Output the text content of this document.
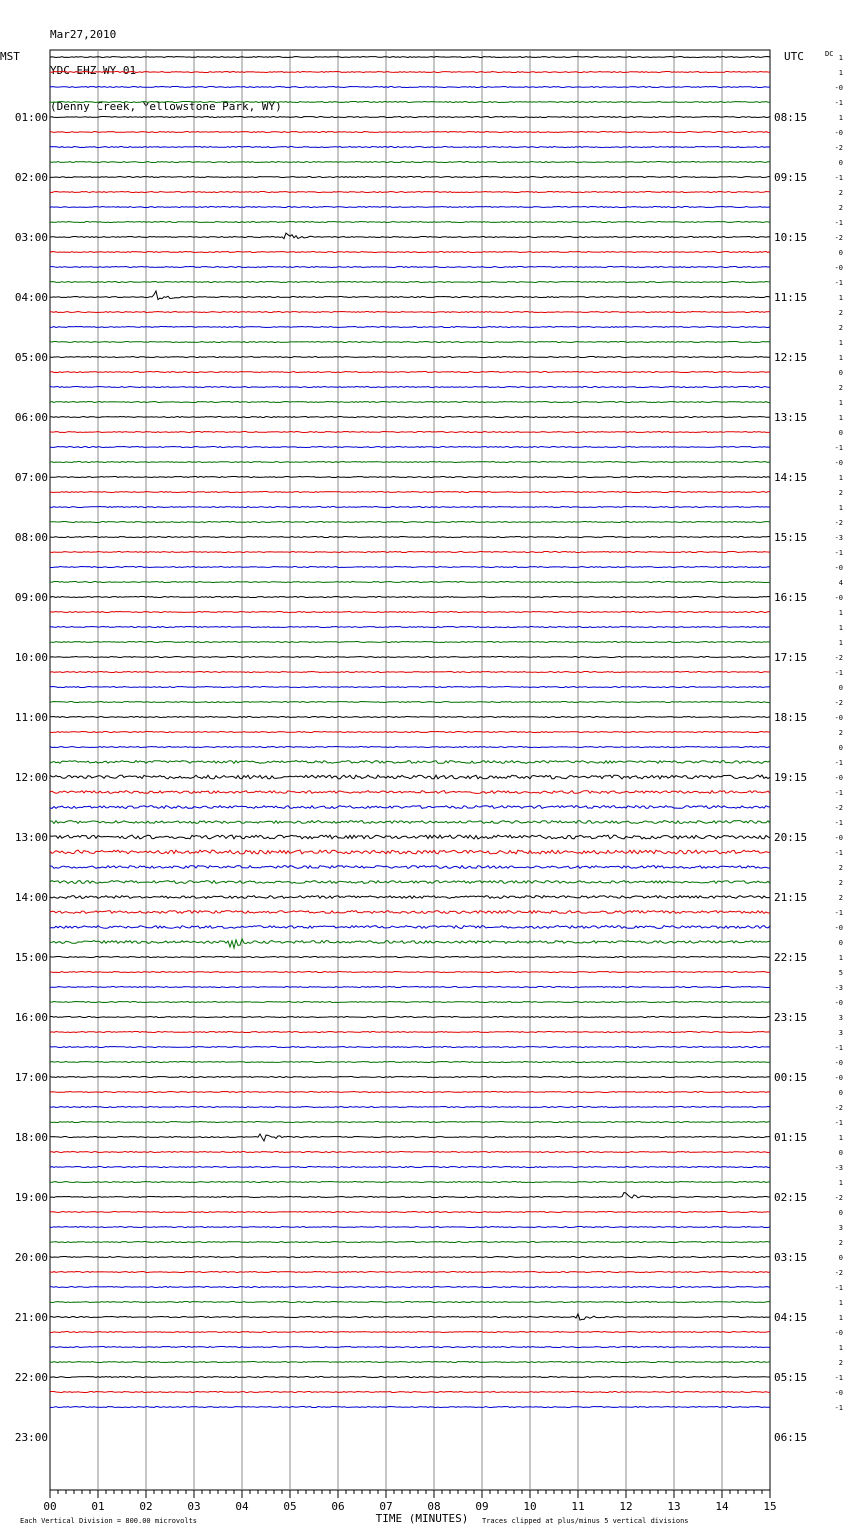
Mar27,2010

YDC EHZ WY 01

(Denny Creek, Yellowstone Park, WY)

1
1
-0
-1
1
-0
-2
0
-1
2
2
-1
-2
0
-0
-1
1
2
2
1
1
0
2
1
1
0
-1
-0
1
2
1
-2
-3
-1
-0
4
-0
1
1
1
-2
-1
0
-2
-0
2
0
-1
-0
-1
-2
-1
-0
-1
2
2
2
-1
-0
0
1
5
-3
-0
3
3
-1
-0
-0
0
-2
-1
1
0
-3
1
-2
0
3
2
0
-2
-1
1
1
-0
1
2
-1
-0
-1
MST	UTC	DC
01:00
02:00
03:00
04:00
05:00
06:00
07:00
08:00
09:00
10:00
11:00
12:00
13:00
14:00
15:00
16:00
17:00
18:00
19:00
20:00
21:00
22:00
23:00
08:15
09:15
10:15
11:15
12:15
13:15
14:15
15:15
16:15
17:15
18:15
19:15
20:15
21:15
22:15
23:15
00:15
01:15
02:15
03:15
04:15
05:15
06:15
00	01	02	03	04	05	06	07	08	09	10	11	12	13	14	15
Each Vertical Division = 800.00 microvolts	TIME (MINUTES) Traces clipped at plus/minus 5 vertical divisions
